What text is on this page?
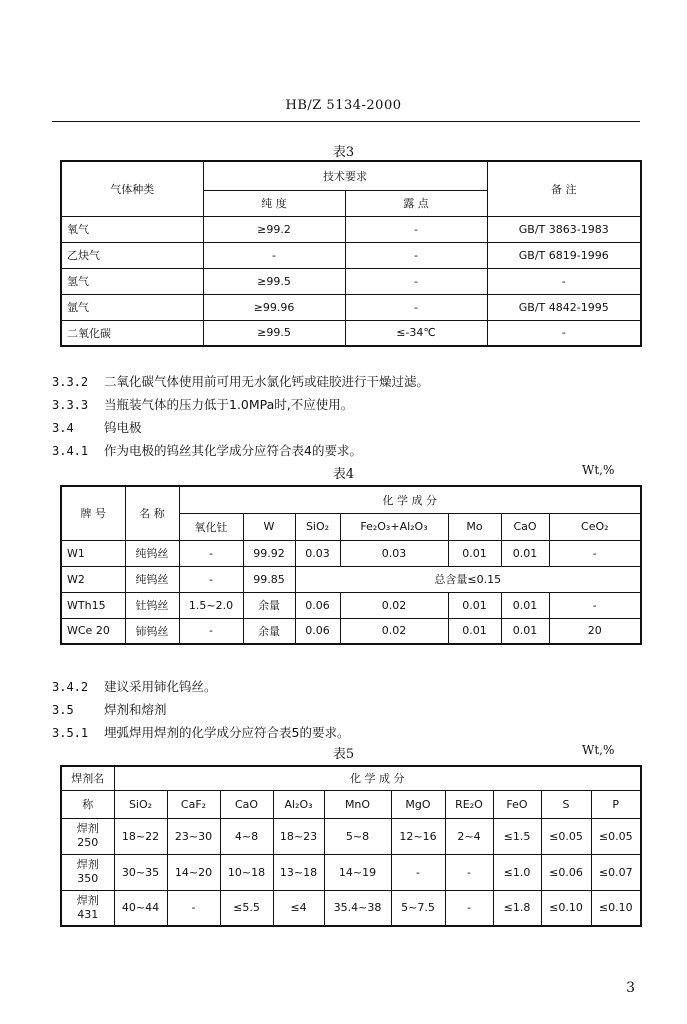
HB/Z 5134-2000
表3
气体种类	技术要求		备 注
	纯 度	露 点	
氧气	≥99.2	-	GB/T 3863-1983
乙炔气	-	-	GB/T 6819-1996
氢气	≥99.5	-	-
氩气	≥99.96	-	GB/T 4842-1995
二氧化碳	≥99.5	≤-34℃	-
3.3.2 二氧化碳气体使用前可用无水氯化钙或硅胶进行干燥过滤。
3.3.3 当瓶装气体的压力低于1.0MPa时,不应使用。
3.4 钨电极
3.4.1 作为电极的钨丝其化学成分应符合表4的要求。
表4	Wt,%
牌 号	名 称	化 学 成 分						
		氧化钍	W	SiO₂	Fe₂O₃+Al₂O₃	Mo	CaO	CeO₂
W1	纯钨丝	-	99.92	0.03	0.03	0.01	0.01	-
W2	纯钨丝	-	99.85	总含量≤0.15				
WTh15	钍钨丝	1.5~2.0	余量	0.06	0.02	0.01	0.01	-
WCe 20	铈钨丝	-	余量	0.06	0.02	0.01	0.01	20
3.4.2 建议采用铈化钨丝。
3.5 焊剂和熔剂
3.5.1 埋弧焊用焊剂的化学成分应符合表5的要求。
表5	Wt,%
焊剂名	化 学 成 分									
称	SiO₂	CaF₂	CaO	Al₂O₃	MnO	MgO	RE₂O	FeO	S	P

焊剂
250	18~22	23~30	4~8	18~23	5~8	12~16	2~4	≤1.5	≤0.05	≤0.05

焊剂
350	30~35	14~20	10~18	13~18	14~19	-	-	≤1.0	≤0.06	≤0.07

焊剂
431	40~44	-	≤5.5	≤4	35.4~38	5~7.5	-	≤1.8	≤0.10	≤0.10
3
